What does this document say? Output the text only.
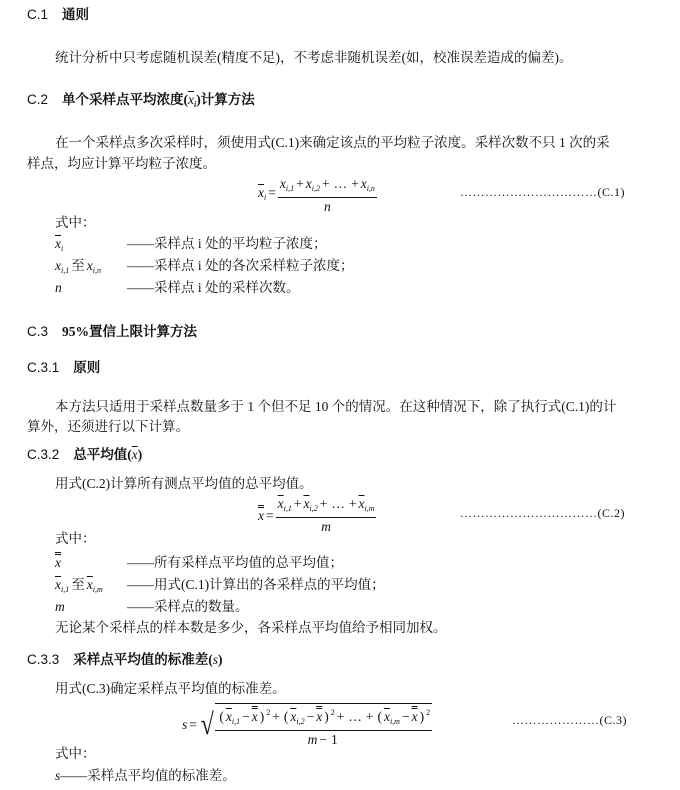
C.1 通则
统计分析中只考虑随机误差(精度不足)，不考虑非随机误差(如，校准误差造成的偏差)。
C.2 单个采样点平均浓度$(\overline{x}_i)$计算方法
在一个采样点多次采样时，须使用式(C.1)来确定该点的平均粒子浓度。采样次数不只 1 次的采
样点，均应计算平均粒子浓度。
$\overline{x}_i = \frac{x_{i,1} + x_{i,2} + \dots + x_{i,n}}{n}$	……………………………(C.1)
式中：
$\overline{x}_i$	——采样点 i 处的平均粒子浓度；
$x_{i,1}$ 至 $x_{i,n}$ ——采样点 i 处的各次采样粒子浓度；
n	——采样点 i 处的采样次数。
C.3 95%置信上限计算方法
C.3.1 原则
本方法只适用于采样点数量多于 1 个但不足 10 个的情况。在这种情况下，除了执行式(C.1)的计
算外，还须进行以下计算。
C.3.2 总平均值$(\overline{x})$
用式(C.2)计算所有测点平均值的总平均值。
$x = \frac{\overline{x}_{i,1} + \overline{x}_{i,2} + \dots + \overline{x}_{i,m}}{m}$	……………………………(C.2)
式中：
x	——所有采样点平均值的总平均值；
$\overline{x}_{i,1}$ 至 $\overline{x}_{i,m}$ ——用式(C.1)计算出的各采样点的平均值；
m	——采样点的数量。
无论某个采样点的样本数是多少，各采样点平均值给予相同加权。
C.3.3 采样点平均值的标准差(s)
用式(C.3)确定采样点平均值的标准差。
s = √ $\frac{( \overline{x}_{i,1} - x ) ^2 + ( \overline{x}_{i,2} - x ) ^2 + \dots + ( \overline{x}_{i,m} - x ) ^2}{m - 1}$	…………………(C.3)
式中：
s——采样点平均值的标准差。
